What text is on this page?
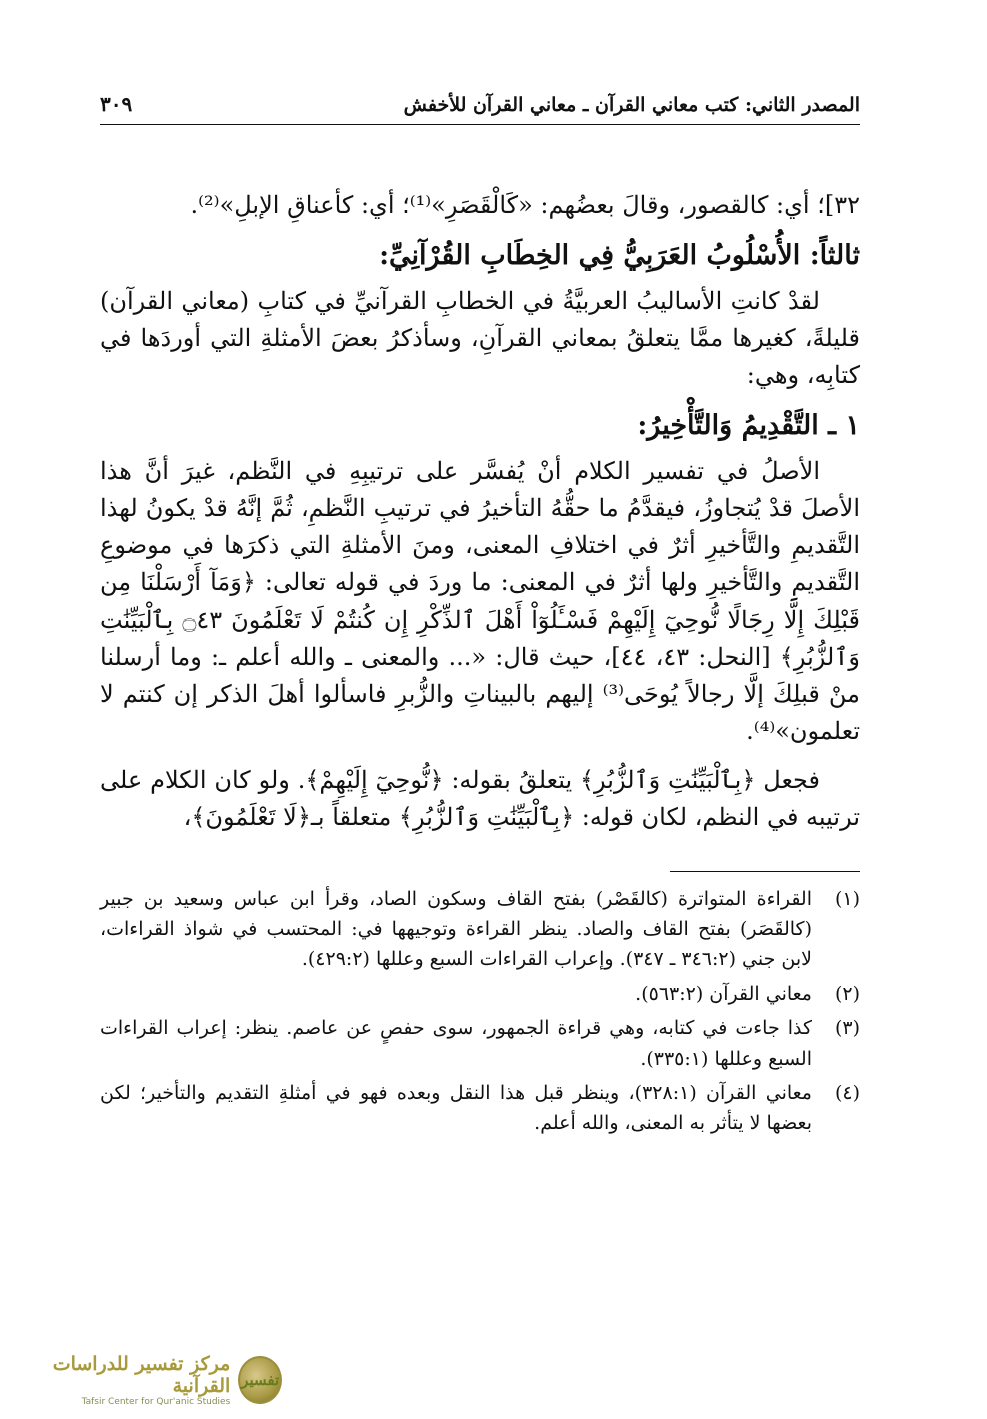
المصدر الثاني: كتب معاني القرآن ـ معاني القرآن للأخفش
٣٠٩

٣٢]؛ أي: كالقصور، وقالَ بعضُهم: «كَالْقَصَرِ»⁽¹⁾؛ أي: كأعناقِ الإبلِ»⁽²⁾.

ثالثاً: الأُسْلُوبُ العَرَبِيُّ فِي الخِطَابِ القُرْآنِيِّ:

لقدْ كانتِ الأساليبُ العربيَّةُ في الخطابِ القرآنيِّ في كتابِ (معاني القرآن) قليلةً، كغيرها ممَّا يتعلقُ بمعاني القرآنِ، وسأذكرُ بعضَ الأمثلةِ التي أوردَها في كتابِه، وهي:

١ ـ التَّقْدِيمُ وَالتَّأْخِيرُ:

الأصلُ في تفسير الكلام أنْ يُفسَّر على ترتيبِهِ في النَّظم، غيرَ أنَّ هذا الأصلَ قدْ يُتجاوزُ، فيقدَّمُ ما حقُّهُ التأخيرُ في ترتيبِ النَّظمِ، ثُمَّ إنَّهُ قدْ يكونُ لهذا التَّقديمِ والتَّأخيرِ أثرٌ في اختلافِ المعنى، ومنَ الأمثلةِ التي ذكرَها في موضوعِ التَّقديمِ والتَّأخيرِ ولها أثرٌ في المعنى: ما وردَ في قوله تعالى: ﴿وَمَآ أَرْسَلْنَا مِن قَبْلِكَ إِلَّا رِجَالًا نُّوحِيٓ إِلَيْهِمْ فَسْـَٔلُوٓاْ أَهْلَ ٱلذِّكْرِ إِن كُنتُمْ لَا تَعْلَمُونَ ۝٤٣ بِٱلْبَيِّنَٰتِ وَٱلزُّبُرِ﴾ [النحل: ٤٣، ٤٤]، حيث قال: «... والمعنى ـ والله أعلم ـ: وما أرسلنا منْ قبلِكَ إلَّا رجالاً يُوحَى⁽³⁾ إليهم بالبيناتِ والزُّبرِ فاسألوا أهلَ الذكر إن كنتم لا تعلمون»⁽⁴⁾.

فجعل ﴿بِٱلْبَيِّنَٰتِ وَٱلزُّبُرِ﴾ يتعلقُ بقوله: ﴿نُّوحِيٓ إِلَيْهِمْ﴾. ولو كان الكلام على ترتيبه في النظم، لكان قوله: ﴿بِٱلْبَيِّنَٰتِ وَٱلزُّبُرِ﴾ متعلقاً بـ﴿لَا تَعْلَمُونَ﴾،

(١)
القراءة المتواترة (كالقَصْر) بفتح القاف وسكون الصاد، وقرأ ابن عباس وسعيد بن جبير (كالقَصَر) بفتح القاف والصاد. ينظر القراءة وتوجيهها في: المحتسب في شواذ القراءات، لابن جني (٣٤٦:٢ ـ ٣٤٧). وإعراب القراءات السبع وعللها (٤٢٩:٢).
(٢)
معاني القرآن (٥٦٣:٢).
(٣)
كذا جاءت في كتابه، وهي قراءة الجمهور، سوى حفصٍ عن عاصم. ينظر: إعراب القراءات السبع وعللها (٣٣٥:١).
(٤)
معاني القرآن (٣٢٨:١)، وينظر قبل هذا النقل وبعده فهو في أمثلةِ التقديم والتأخير؛ لكن بعضها لا يتأثر به المعنى، والله أعلم.
تفسير
مركز تفسير للدراسات القرآنية
Tafsir Center for Qur'anic Studies
